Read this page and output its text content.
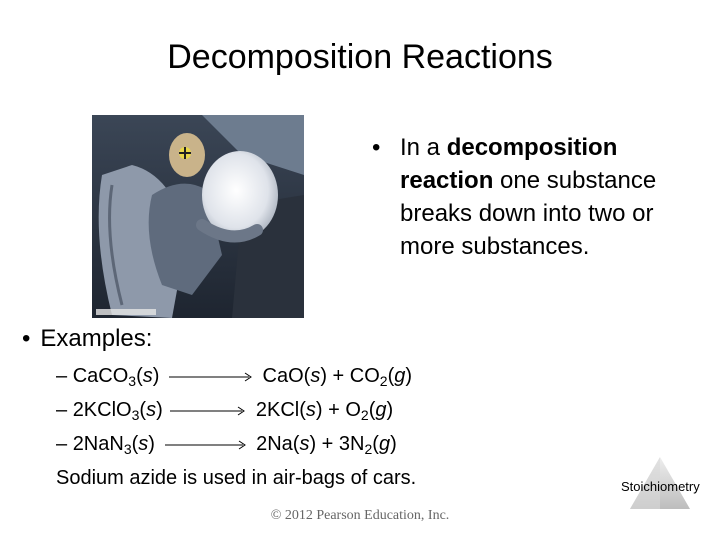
Decomposition Reactions
• In a decomposition reaction one substance breaks down into two or more substances.
• Examples:
– CaCO$_3$(s)	$CaO(s) + CO_2(g)$
– 2KClO$_3$(s)	$2KCl(s) + O_2(g)$
– 2NaN$_3$(s)	$2Na(s) + 3N_2(g)$
Sodium azide is used in air-bags of cars.	Stoichiometry
© 2012 Pearson Education, Inc.
